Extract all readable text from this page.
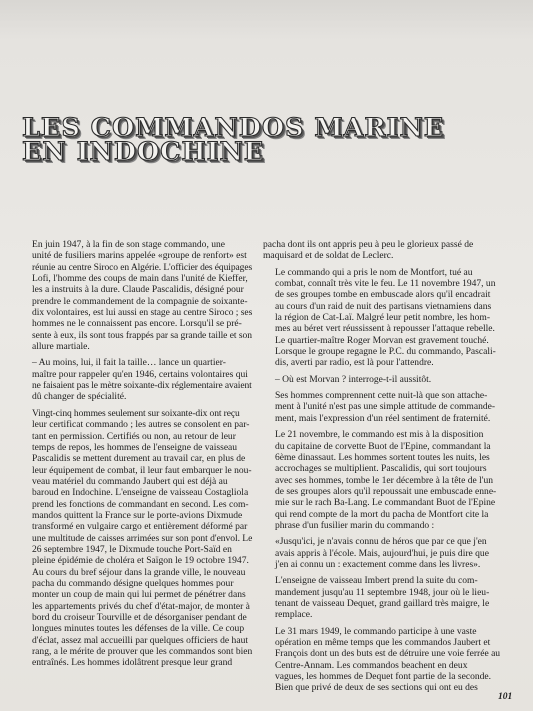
LES COMMANDOS MARINE
EN INDOCHINE

En juin 1947, à la fin de son stage commando, une
unité de fusiliers marins appelée «groupe de renfort» est
réunie au centre Siroco en Algérie. L'officier des équipages
Lofi, l'homme des coups de main dans l'unité de Kieffer,
les a instruits à la dure. Claude Pascalidis, désigné pour
prendre le commandement de la compagnie de soixante-
dix volontaires, est lui aussi en stage au centre Siroco ; ses
hommes ne le connaissent pas encore. Lorsqu'il se pré-
sente à eux, ils sont tous frappés par sa grande taille et son
allure martiale.

– Au moins, lui, il fait la taille… lance un quartier-
maître pour rappeler qu'en 1946, certains volontaires qui
ne faisaient pas le mètre soixante-dix réglementaire avaient
dû changer de spécialité.

Vingt-cinq hommes seulement sur soixante-dix ont reçu
leur certificat commando ; les autres se consolent en par-
tant en permission. Certifiés ou non, au retour de leur
temps de repos, les hommes de l'enseigne de vaisseau
Pascalidis se mettent durement au travail car, en plus de
leur équipement de combat, il leur faut embarquer le nou-
veau matériel du commando Jaubert qui est déjà au
baroud en Indochine. L'enseigne de vaisseau Costagliola
prend les fonctions de commandant en second. Les com-
mandos quittent la France sur le porte-avions Dixmude
transformé en vulgaire cargo et entièrement déformé par
une multitude de caisses arrimées sur son pont d'envol. Le
26 septembre 1947, le Dixmude touche Port-Saïd en
pleine épidémie de choléra et Saïgon le 19 octobre 1947.
Au cours du bref séjour dans la grande ville, le nouveau
pacha du commando désigne quelques hommes pour
monter un coup de main qui lui permet de pénétrer dans
les appartements privés du chef d'état-major, de monter à
bord du croiseur Tourville et de désorganiser pendant de
longues minutes toutes les défenses de la ville. Ce coup
d'éclat, assez mal accueilli par quelques officiers de haut
rang, a le mérite de prouver que les commandos sont bien
entraînés. Les hommes idolâtrent presque leur grand

pacha dont ils ont appris peu à peu le glorieux passé de
maquisard et de soldat de Leclerc.

Le commando qui a pris le nom de Montfort, tué au
combat, connaît très vite le feu. Le 11 novembre 1947, un
de ses groupes tombe en embuscade alors qu'il encadrait
au cours d'un raid de nuit des partisans vietnamiens dans
la région de Cat-Laï. Malgré leur petit nombre, les hom-
mes au béret vert réussissent à repousser l'attaque rebelle.
Le quartier-maître Roger Morvan est gravement touché.
Lorsque le groupe regagne le P.C. du commando, Pascali-
dis, averti par radio, est là pour l'attendre.

– Où est Morvan ? interroge-t-il aussitôt.

Ses hommes comprennent cette nuit-là que son attache-
ment à l'unité n'est pas une simple attitude de commande-
ment, mais l'expression d'un réel sentiment de fraternité.

Le 21 novembre, le commando est mis à la disposition
du capitaine de corvette Buot de l'Epine, commandant la
6ème dinassaut. Les hommes sortent toutes les nuits, les
accrochages se multiplient. Pascalidis, qui sort toujours
avec ses hommes, tombe le 1er décembre à la tête de l'un
de ses groupes alors qu'il repoussait une embuscade enne-
mie sur le rach Ba-Lang. Le commandant Buot de l'Epine
qui rend compte de la mort du pacha de Montfort cite la
phrase d'un fusilier marin du commando :

«Jusqu'ici, je n'avais connu de héros que par ce que j'en
avais appris à l'école. Mais, aujourd'hui, je puis dire que
j'en ai connu un : exactement comme dans les livres».

L'enseigne de vaisseau Imbert prend la suite du com-
mandement jusqu'au 11 septembre 1948, jour où le lieu-
tenant de vaisseau Dequet, grand gaillard très maigre, le
remplace.

Le 31 mars 1949, le commando participe à une vaste
opération en même temps que les commandos Jaubert et
François dont un des buts est de détruire une voie ferrée au
Centre-Annam. Les commandos beachent en deux
vagues, les hommes de Dequet font partie de la seconde.
Bien que privé de deux de ses sections qui ont eu des

101
